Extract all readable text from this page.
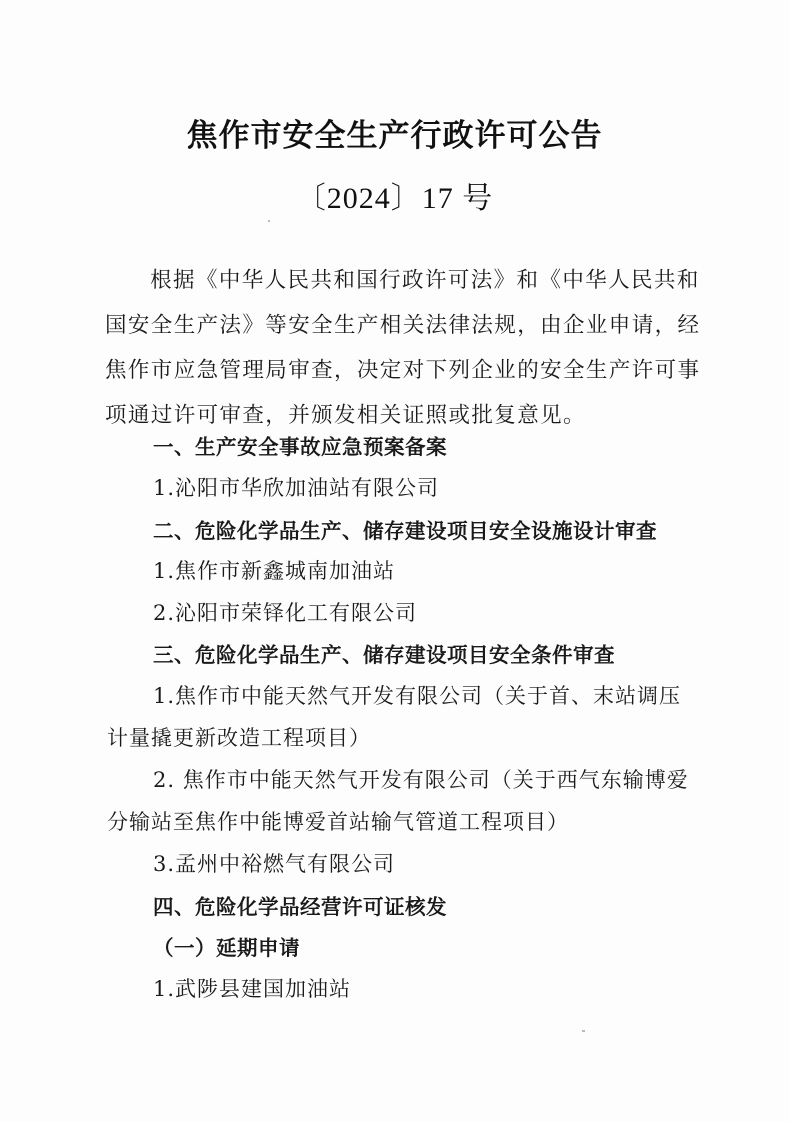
焦作市安全生产行政许可公告
〔2024〕17 号
根据《中华人民共和国行政许可法》和《中华人民共和
国安全生产法》等安全生产相关法律法规，由企业申请，经
焦作市应急管理局审查，决定对下列企业的安全生产许可事
项通过许可审查，并颁发相关证照或批复意见。
一、生产安全事故应急预案备案
1.沁阳市华欣加油站有限公司
二、危险化学品生产、储存建设项目安全设施设计审查
1.焦作市新鑫城南加油站
2.沁阳市荣铎化工有限公司
三、危险化学品生产、储存建设项目安全条件审查
1.焦作市中能天然气开发有限公司（关于首、末站调压
计量撬更新改造工程项目）
2. 焦作市中能天然气开发有限公司（关于西气东输博爱
分输站至焦作中能博爱首站输气管道工程项目）
3.孟州中裕燃气有限公司
四、危险化学品经营许可证核发
（一）延期申请
1.武陟县建国加油站
